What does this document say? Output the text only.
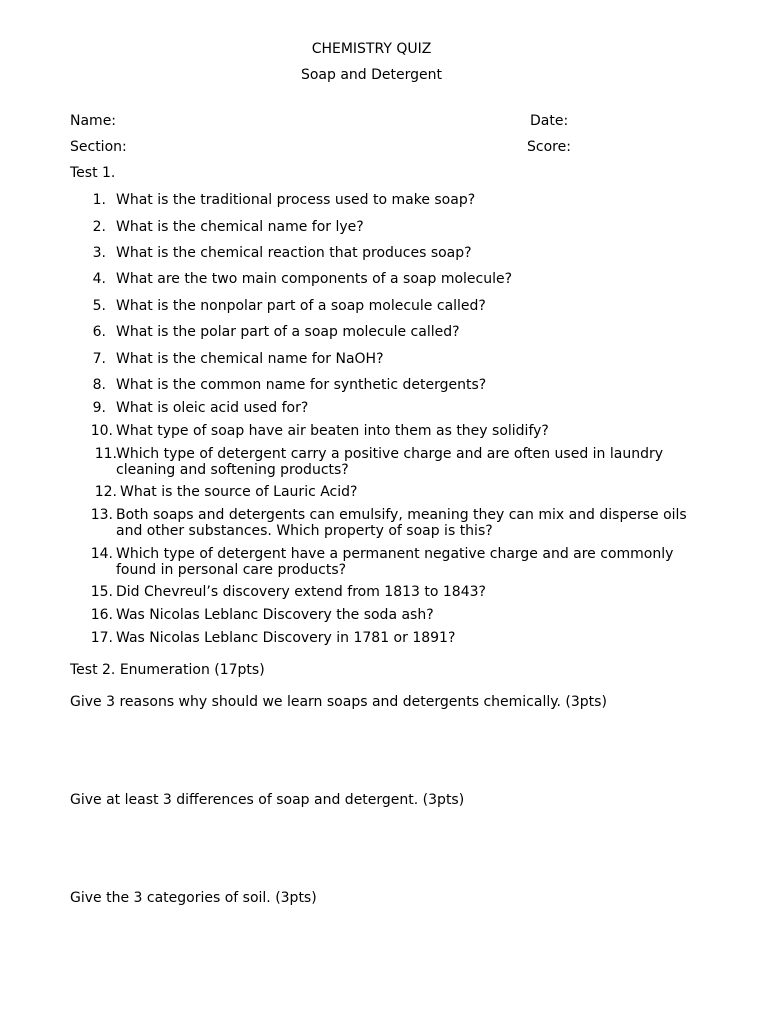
CHEMISTRY QUIZ
Soap and Detergent
Name:	Date:
Section:	Score:
Test 1.
1. What is the traditional process used to make soap?
2. What is the chemical name for lye?
3. What is the chemical reaction that produces soap?
4. What are the two main components of a soap molecule?
5. What is the nonpolar part of a soap molecule called?
6. What is the polar part of a soap molecule called?
7. What is the chemical name for NaOH?
8. What is the common name for synthetic detergents?
9. What is oleic acid used for?
10. What type of soap have air beaten into them as they solidify?
11. Which type of detergent carry a positive charge and are often used in laundry cleaning and softening products?
12. What is the source of Lauric Acid?
13. Both soaps and detergents can emulsify, meaning they can mix and disperse oils and other substances. Which property of soap is this?
14. Which type of detergent have a permanent negative charge and are commonly found in personal care products?
15. Did Chevreul’s discovery extend from 1813 to 1843?
16. Was Nicolas Leblanc Discovery the soda ash?
17. Was Nicolas Leblanc Discovery in 1781 or 1891?
Test 2. Enumeration (17pts)
Give 3 reasons why should we learn soaps and detergents chemically. (3pts)
Give at least 3 differences of soap and detergent. (3pts)
Give the 3 categories of soil. (3pts)
